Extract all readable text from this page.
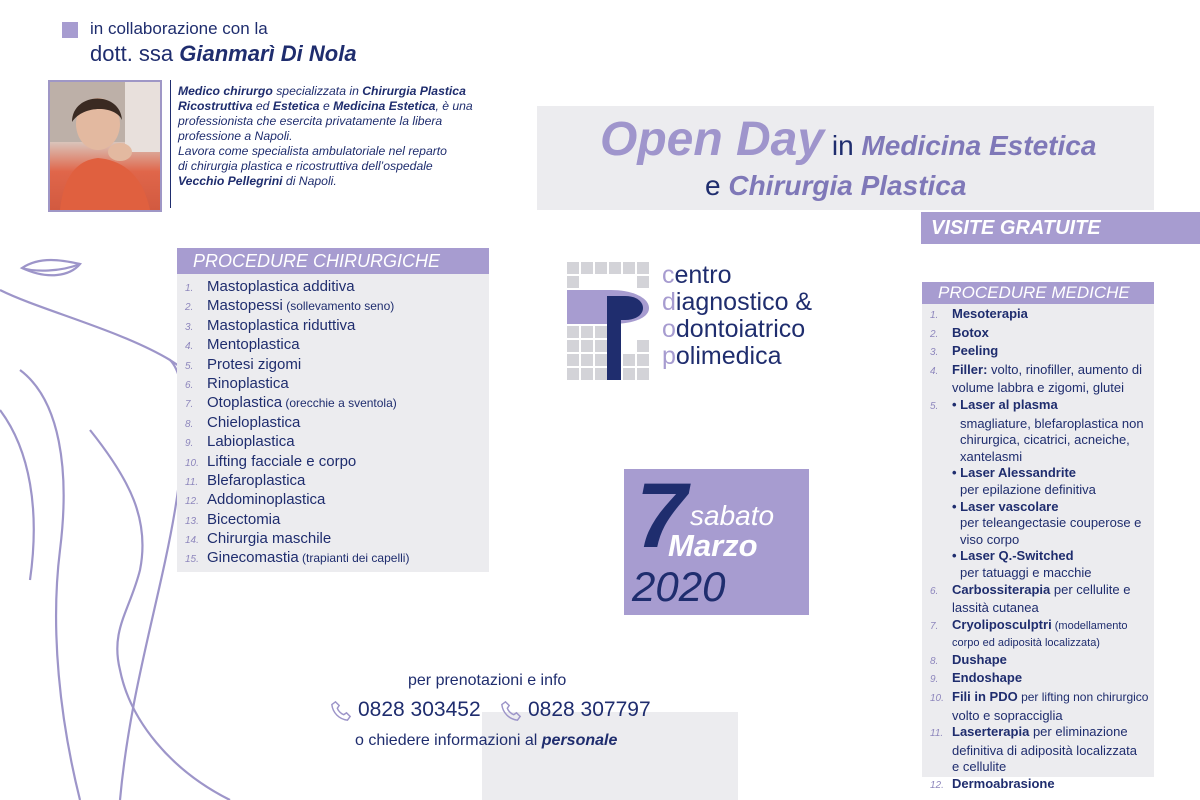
in collaborazione con la
dott. ssa Gianmarì Di Nola
Medico chirurgo specializzata in Chirurgia Plastica
Ricostruttiva ed Estetica e Medicina Estetica, è una
professionista che esercita privatamente la libera
professione a Napoli.
Lavora come specialista ambulatoriale nel reparto
di chirurgia plastica e ricostruttiva dell’ospedale
Vecchio Pellegrini di Napoli.
Open Day in Medicina Estetica
e Chirurgia Plastica
VISITE GRATUITE
PROCEDURE CHIRURGICHE
1. Mastoplastica additiva
2. Mastopessi (sollevamento seno)
3. Mastoplastica riduttiva
4. Mentoplastica
5. Protesi zigomi
6. Rinoplastica
7. Otoplastica (orecchie a sventola)
8. Chieloplastica
9. Labioplastica
10. Lifting facciale e corpo
11. Blefaroplastica
12. Addominoplastica
13. Bicectomia
14. Chirurgia maschile
15. Ginecomastia (trapianti dei capelli)
centro
diagnostico &
odontoiatrico
polimedica
7 sabato
Marzo
2020
per prenotazioni e info
0828 303452 0828 307797
o chiedere informazioni al personale
PROCEDURE MEDICHE
1. Mesoterapia
2. Botox
3. Peeling
4. Filler: volto, rinofiller, aumento di
volume labbra e zigomi, glutei
5. • Laser al plasma
smagliature, blefaroplastica non
chirurgica, cicatrici, acneiche,
xantelasmi
• Laser Alessandrite
per epilazione definitiva
• Laser vascolare
per teleangectasie couperose e
viso corpo
• Laser Q.-Switched
per tatuaggi e macchie
6. Carbossiterapia per cellulite e
lassità cutanea
7. Cryoliposculptri (modellamento
corpo ed adiposità localizzata)
8. Dushape
9. Endoshape
10. Fili in PDO per lifting non chirurgico
volto e sopracciglia
11. Laserterapia per eliminazione
definitiva di adiposità localizzata
e cellulite
12. Dermoabrasione
